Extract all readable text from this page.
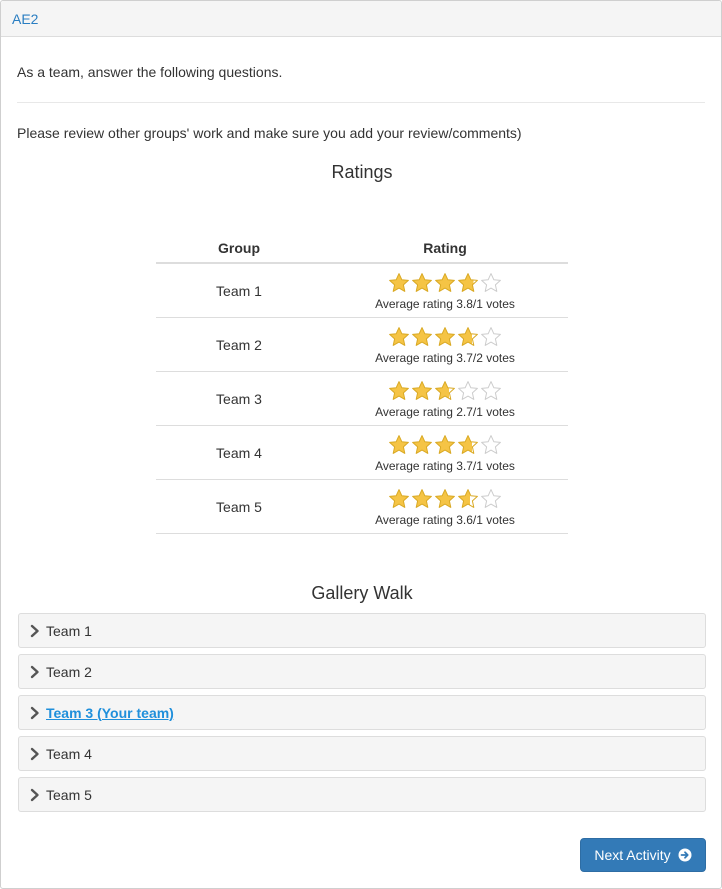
AE2
As a team, answer the following questions.
Please review other groups' work and make sure you add your review/comments)
Ratings
Group	Rating
Team 1	Average rating 3.8/1 votes

Team 2	Average rating 3.7/2 votes

Team 3	Average rating 2.7/1 votes

Team 4	Average rating 3.7/1 votes

Team 5	Average rating 3.6/1 votes
Gallery Walk
Team 1
Team 2
Team 3 (Your team)
Team 4
Team 5
Next Activity
